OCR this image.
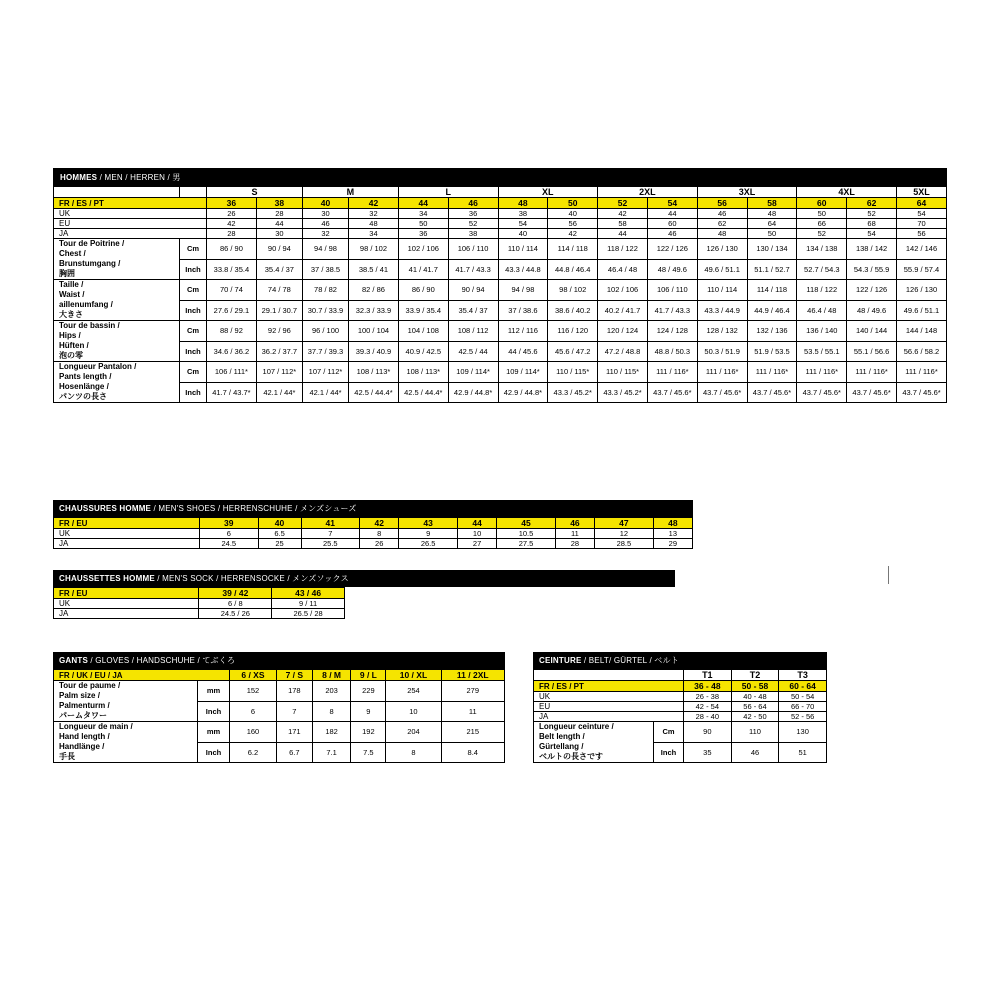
HOMMES / MEN / HERREN / 男
		S		M		L		XL		2XL		3XL		4XL		5XL
FR / ES / PT		36	38	40	42	44	46	48	50	52	54	56	58	60	62	64
UK		26	28	30	32	34	36	38	40	42	44	46	48	50	52	54
EU		42	44	46	48	50	52	54	56	58	60	62	64	66	68	70
JA		28	30	32	34	36	38	40	42	44	46	48	50	52	54	56

Tour de Poitrine /
Chest /
Brunstumgang /
胸囲	Cm	86 / 90	90 / 94	94 / 98	98 / 102	102 / 106	106 / 110	110 / 114	114 / 118	118 / 122	122 / 126	126 / 130	130 / 134	134 / 138	138 / 142	142 / 146
	Inch	33.8 / 35.4	35.4 / 37	37 / 38.5	38.5 / 41	41 / 41.7	41.7 / 43.3	43.3 / 44.8	44.8 / 46.4	46.4 / 48	48 / 49.6	49.6 / 51.1	51.1 / 52.7	52.7 / 54.3	54.3 / 55.9	55.9 / 57.4

Taille /
Waist /
aillenumfang /
大きさ	Cm	70 / 74	74 / 78	78 / 82	82 / 86	86 / 90	90 / 94	94 / 98	98 / 102	102 / 106	106 / 110	110 / 114	114 / 118	118 / 122	122 / 126	126 / 130
	Inch	27.6 / 29.1	29.1 / 30.7	30.7 / 33.9	32.3 / 33.9	33.9 / 35.4	35.4 / 37	37 / 38.6	38.6 / 40.2	40.2 / 41.7	41.7 / 43.3	43.3 / 44.9	44.9 / 46.4	46.4 / 48	48 / 49.6	49.6 / 51.1

Tour de bassin /
Hips /
Hüften /
泡の零	Cm	88 / 92	92 / 96	96 / 100	100 / 104	104 / 108	108 / 112	112 / 116	116 / 120	120 / 124	124 / 128	128 / 132	132 / 136	136 / 140	140 / 144	144 / 148
	Inch	34.6 / 36.2	36.2 / 37.7	37.7 / 39.3	39.3 / 40.9	40.9 / 42.5	42.5 / 44	44 / 45.6	45.6 / 47.2	47.2 / 48.8	48.8 / 50.3	50.3 / 51.9	51.9 / 53.5	53.5 / 55.1	55.1 / 56.6	56.6 / 58.2

Longueur Pantalon /
Pants length /
Hosenlänge /
パンツの長さ	Cm	106 / 111*	107 / 112*	107 / 112*	108 / 113*	108 / 113*	109 / 114*	109 / 114*	110 / 115*	110 / 115*	111 / 116*	111 / 116*	111 / 116*	111 / 116*	111 / 116*	111 / 116*
	Inch	41.7 / 43.7*	42.1 / 44*	42.1 / 44*	42.5 / 44.4*	42.5 / 44.4*	42.9 / 44.8*	42.9 / 44.8*	43.3 / 45.2*	43.3 / 45.2*	43.7 / 45.6*	43.7 / 45.6*	43.7 / 45.6*	43.7 / 45.6*	43.7 / 45.6*	43.7 / 45.6*
CHAUSSURES HOMME / MEN'S SHOES / HERRENSCHUHE / メンズシューズ
FR / EU	39	40	41	42	43	44	45	46	47	48
UK	6	6.5	7	8	9	10	10.5	11	12	13
JA	24.5	25	25.5	26	26.5	27	27.5	28	28.5	29
CHAUSSETTES HOMME / MEN'S SOCK / HERRENSOCKE / メンズソックス
FR / EU	39 / 42	43 / 46
UK	6 / 8	9 / 11
JA	24.5 / 26	26.5 / 28
GANTS / GLOVES / HANDSCHUHE / てぶくろ
FR / UK / EU / JA		6 / XS	7 / S	8 / M	9 / L	10 / XL	11 / 2XL

Tour de paume /
Palm size /
Palmenturm /
パームタワー	mm	152	178	203	229	254	279
	Inch	6	7	8	9	10	11

Longueur de main /
Hand length /
Handlänge /
手長	mm	160	171	182	192	204	215
	Inch	6.2	6.7	7.1	7.5	8	8.4
CEINTURE / BELT/ GÜRTEL / ベルト
		T1	T2	T3
FR / ES / PT		36 - 48	50 - 58	60 - 64
UK		26 - 38	40 - 48	50 - 54
EU		42 - 54	56 - 64	66 - 70
JA		28 - 40	42 - 50	52 - 56

Longueur ceinture /
Belt length /
Gürtellang /
ベルトの長さです	Cm	90	110	130
	Inch	35	46	51
